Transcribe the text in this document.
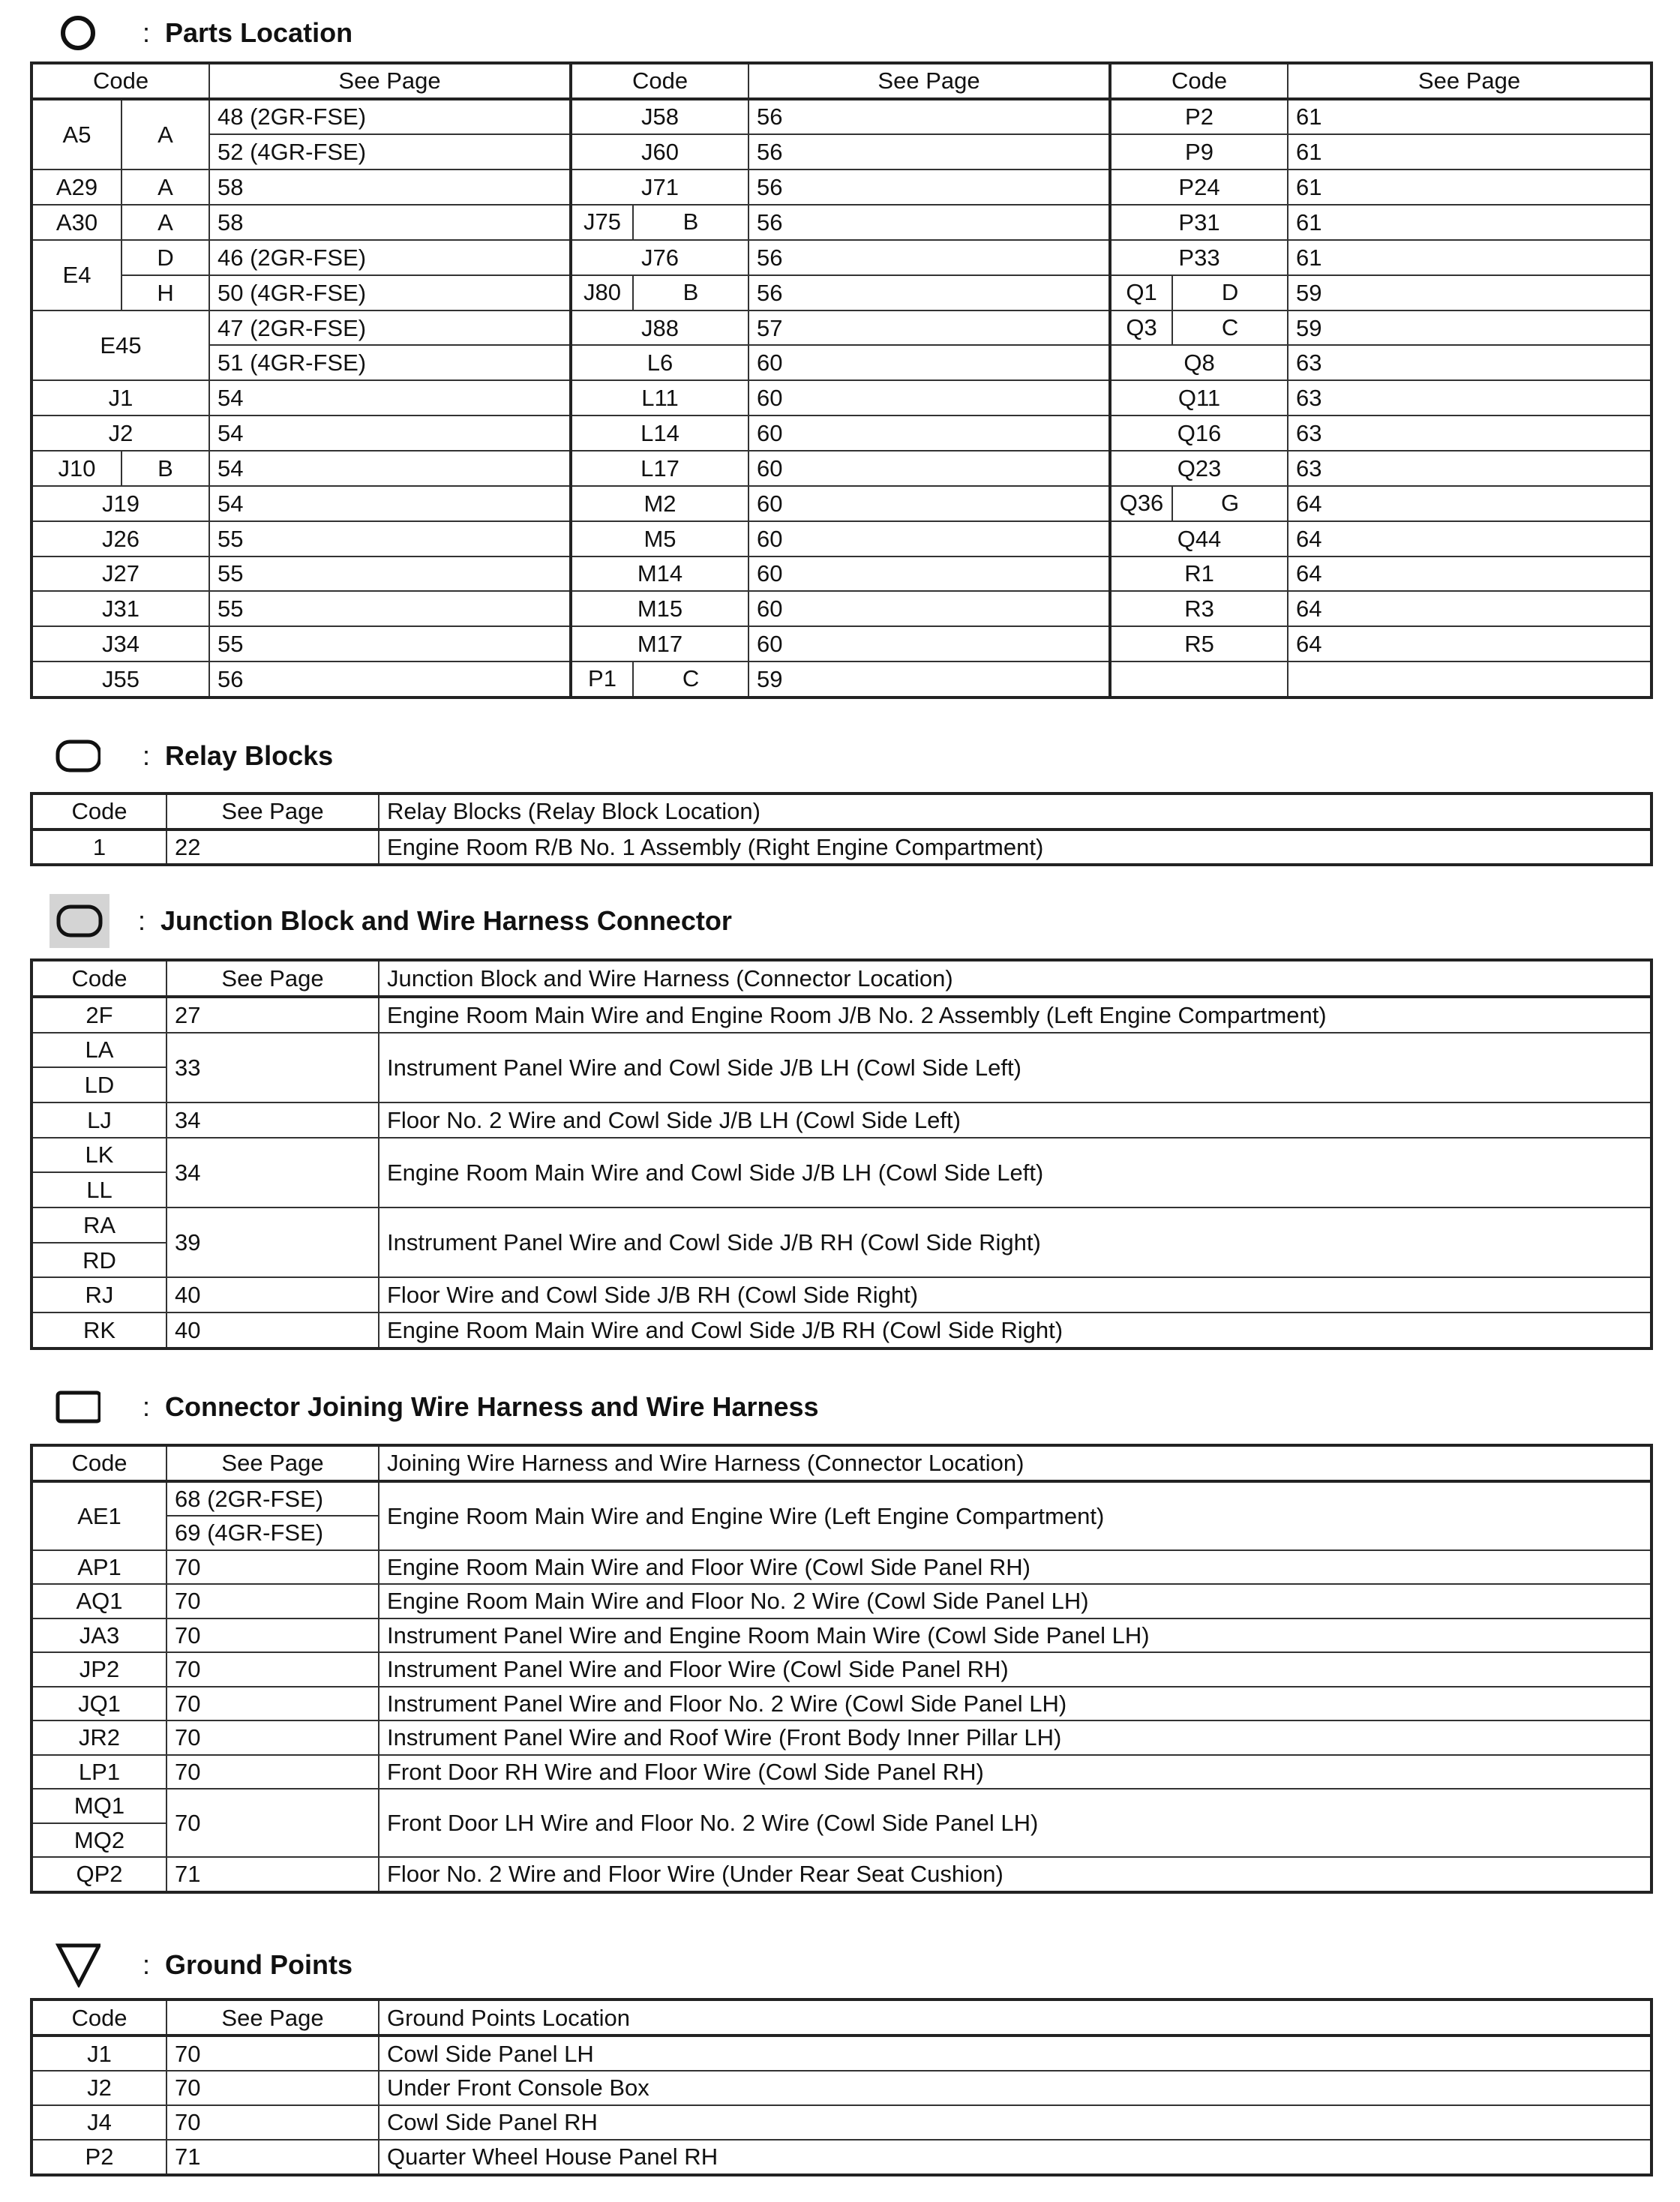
: Parts Location
Code		See Page	Code	See Page	Code	See Page
A5	A	48 (2GR-FSE)	J58	56	P2	61
		52 (4GR-FSE)	J60	56	P9	61
A29	A	58	J71	56	P24	61
A30	A	58	J75 B	56	P31	61
E4	D	46 (2GR-FSE)	J76	56	P33	61
	H	50 (4GR-FSE)	J80 B	56	Q1 D	59
E45		47 (2GR-FSE)	J88	57	Q3 C	59
		51 (4GR-FSE)	L6	60	Q8	63
J1		54	L11	60	Q11	63
J2		54	L14	60	Q16	63
J10	B	54	L17	60	Q23	63
J19		54	M2	60	Q36 G	64
J26		55	M5	60	Q44	64
J27		55	M14	60	R1	64
J31		55	M15	60	R3	64
J34		55	M17	60	R5	64
J55		56	P1 C	59		
: Relay Blocks
Code	See Page	Relay Blocks (Relay Block Location)
1	22	Engine Room R/B No. 1 Assembly (Right Engine Compartment)
: Junction Block and Wire Harness Connector
Code	See Page	Junction Block and Wire Harness (Connector Location)
2F	27	Engine Room Main Wire and Engine Room J/B No. 2 Assembly (Left Engine Compartment)
LA	33	Instrument Panel Wire and Cowl Side J/B LH (Cowl Side Left)
LD		
LJ	34	Floor No. 2 Wire and Cowl Side J/B LH (Cowl Side Left)
LK	34	Engine Room Main Wire and Cowl Side J/B LH (Cowl Side Left)
LL		
RA	39	Instrument Panel Wire and Cowl Side J/B RH (Cowl Side Right)
RD		
RJ	40	Floor Wire and Cowl Side J/B RH (Cowl Side Right)
RK	40	Engine Room Main Wire and Cowl Side J/B RH (Cowl Side Right)
: Connector Joining Wire Harness and Wire Harness
Code	See Page	Joining Wire Harness and Wire Harness (Connector Location)
AE1	68 (2GR-FSE)	Engine Room Main Wire and Engine Wire (Left Engine Compartment)
	69 (4GR-FSE)	
AP1	70	Engine Room Main Wire and Floor Wire (Cowl Side Panel RH)
AQ1	70	Engine Room Main Wire and Floor No. 2 Wire (Cowl Side Panel LH)
JA3	70	Instrument Panel Wire and Engine Room Main Wire (Cowl Side Panel LH)
JP2	70	Instrument Panel Wire and Floor Wire (Cowl Side Panel RH)
JQ1	70	Instrument Panel Wire and Floor No. 2 Wire (Cowl Side Panel LH)
JR2	70	Instrument Panel Wire and Roof Wire (Front Body Inner Pillar LH)
LP1	70	Front Door RH Wire and Floor Wire (Cowl Side Panel RH)
MQ1	70	Front Door LH Wire and Floor No. 2 Wire (Cowl Side Panel LH)
MQ2		
QP2	71	Floor No. 2 Wire and Floor Wire (Under Rear Seat Cushion)
: Ground Points
Code	See Page	Ground Points Location
J1	70	Cowl Side Panel LH
J2	70	Under Front Console Box
J4	70	Cowl Side Panel RH
P2	71	Quarter Wheel House Panel RH
